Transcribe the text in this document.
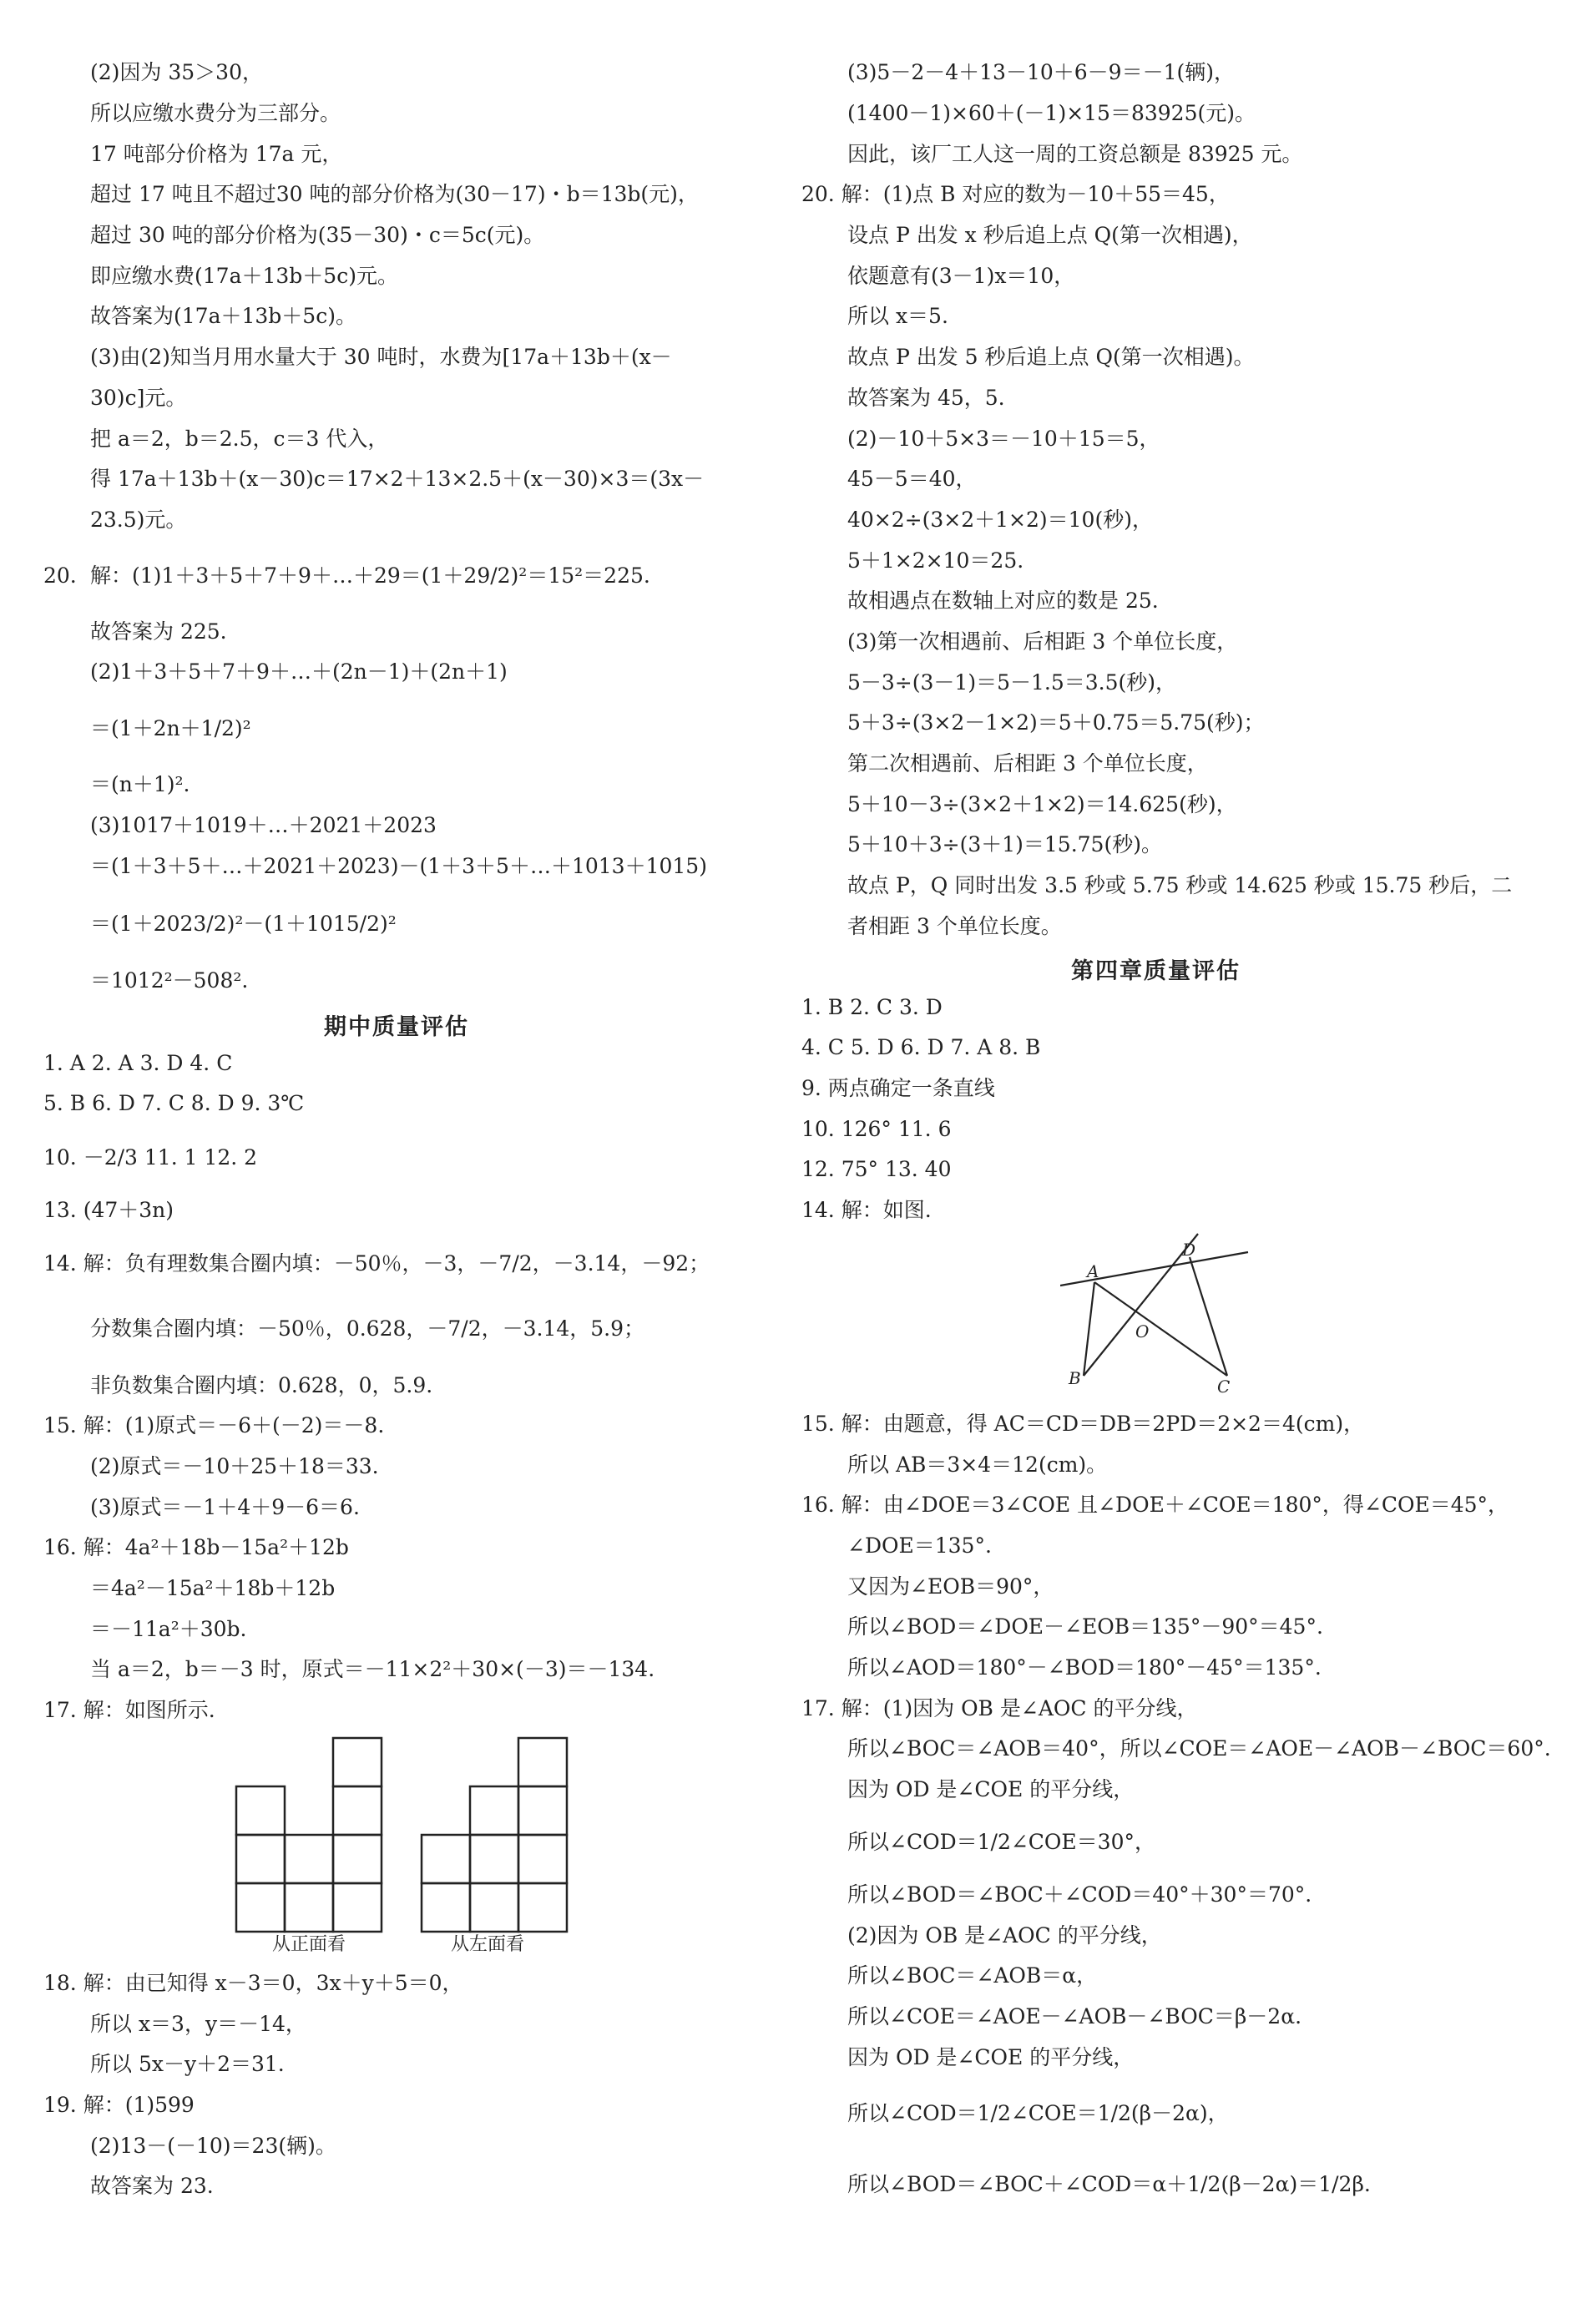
(2)因为 35＞30，
所以应缴水费分为三部分。
17 吨部分价格为 17a 元，
超过 17 吨且不超过30 吨的部分价格为(30－17)・b＝13b(元)，
超过 30 吨的部分价格为(35－30)・c＝5c(元)。
即应缴水费(17a＋13b＋5c)元。
故答案为(17a＋13b＋5c)。
(3)由(2)知当月用水量大于 30 吨时，水费为[17a＋13b＋(x－
30)c]元。
把 a＝2，b＝2.5，c＝3 代入，
得 17a＋13b＋(x－30)c＝17×2＋13×2.5＋(x－30)×3＝(3x－
23.5)元。
20. 解：(1)1＋3＋5＋7＋9＋…＋29＝(1＋29/2)²＝15²＝225.
故答案为 225.
(2)1＋3＋5＋7＋9＋…＋(2n－1)＋(2n＋1)
＝(1＋2n＋1/2)²
＝(n＋1)².
(3)1017＋1019＋…＋2021＋2023
＝(1＋3＋5＋…＋2021＋2023)－(1＋3＋5＋…＋1013＋1015)
＝(1＋2023/2)²－(1＋1015/2)²
＝1012²－508².
期中质量评估
1. A 2. A 3. D 4. C
5. B 6. D 7. C 8. D 9. 3℃
10. －2/3 11. 1 12. 2
13. (47＋3n)
14. 解：负有理数集合圈内填：－50％，－3，－7/2，－3.14，－92；
分数集合圈内填：－50％，0.628，－7/2，－3.14，5.9；
非负数集合圈内填：0.628，0，5.9.
15. 解：(1)原式＝－6＋(－2)＝－8.
(2)原式＝－10＋25＋18＝33.
(3)原式＝－1＋4＋9－6＝6.
16. 解：4a²＋18b－15a²＋12b
＝4a²－15a²＋18b＋12b
＝－11a²＋30b.
当 a＝2，b＝－3 时，原式＝－11×2²＋30×(－3)＝－134.
17. 解：如图所示.
从正面看	从左面看
18. 解：由已知得 x－3＝0，3x＋y＋5＝0，
所以 x＝3，y＝－14，
所以 5x－y＋2＝31.
19. 解：(1)599
(2)13－(－10)＝23(辆)。
故答案为 23.
(3)5－2－4＋13－10＋6－9＝－1(辆)，
(1400－1)×60＋(－1)×15＝83925(元)。
因此，该厂工人这一周的工资总额是 83925 元。
20. 解：(1)点 B 对应的数为－10＋55＝45，
设点 P 出发 x 秒后追上点 Q(第一次相遇)，
依题意有(3－1)x＝10，
所以 x＝5.
故点 P 出发 5 秒后追上点 Q(第一次相遇)。
故答案为 45，5.
(2)－10＋5×3＝－10＋15＝5，
45－5＝40，
40×2÷(3×2＋1×2)＝10(秒)，
5＋1×2×10＝25.
故相遇点在数轴上对应的数是 25.
(3)第一次相遇前、后相距 3 个单位长度，
5－3÷(3－1)＝5－1.5＝3.5(秒)，
5＋3÷(3×2－1×2)＝5＋0.75＝5.75(秒)；
第二次相遇前、后相距 3 个单位长度，
5＋10－3÷(3×2＋1×2)＝14.625(秒)，
5＋10＋3÷(3＋1)＝15.75(秒)。
故点 P，Q 同时出发 3.5 秒或 5.75 秒或 14.625 秒或 15.75 秒后，二
者相距 3 个单位长度。
第四章质量评估
1. B 2. C 3. D
4. C 5. D 6. D 7. A 8. B
9. 两点确定一条直线
10. 126° 11. 6
12. 75° 13. 40
14. 解：如图.
A
B	C
D
O
15. 解：由题意，得 AC＝CD＝DB＝2PD＝2×2＝4(cm)，
所以 AB＝3×4＝12(cm)。
16. 解：由∠DOE＝3∠COE 且∠DOE＋∠COE＝180°，得∠COE＝45°，
∠DOE＝135°.
又因为∠EOB＝90°，
所以∠BOD＝∠DOE－∠EOB＝135°－90°＝45°.
所以∠AOD＝180°－∠BOD＝180°－45°＝135°.
17. 解：(1)因为 OB 是∠AOC 的平分线，
所以∠BOC＝∠AOB＝40°，所以∠COE＝∠AOE－∠AOB－∠BOC＝60°.
因为 OD 是∠COE 的平分线，
所以∠COD＝1/2∠COE＝30°，
所以∠BOD＝∠BOC＋∠COD＝40°＋30°＝70°.
(2)因为 OB 是∠AOC 的平分线，
所以∠BOC＝∠AOB＝α，
所以∠COE＝∠AOE－∠AOB－∠BOC＝β－2α.
因为 OD 是∠COE 的平分线，
所以∠COD＝1/2∠COE＝1/2(β－2α)，
所以∠BOD＝∠BOC＋∠COD＝α＋1/2(β－2α)＝1/2β.
